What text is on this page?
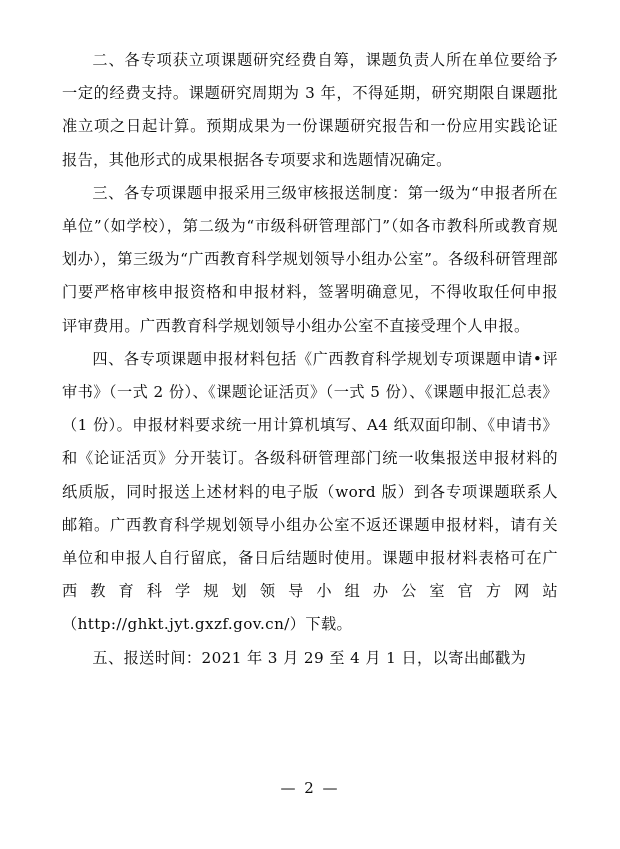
二、各专项获立项课题研究经费自筹，课题负责人所在单位要给予一定的经费支持。课题研究周期为 3 年，不得延期，研究期限自课题批准立项之日起计算。预期成果为一份课题研究报告和一份应用实践论证报告，其他形式的成果根据各专项要求和选题情况确定。

三、各专项课题申报采用三级审核报送制度：第一级为“申报者所在单位”（如学校），第二级为“市级科研管理部门”（如各市教科所或教育规划办），第三级为“广西教育科学规划领导小组办公室”。各级科研管理部门要严格审核申报资格和申报材料，签署明确意见，不得收取任何申报评审费用。广西教育科学规划领导小组办公室不直接受理个人申报。

四、各专项课题申报材料包括《广西教育科学规划专项课题申请•评审书》（一式 2 份）、《课题论证活页》（一式 5 份）、《课题申报汇总表》（1 份）。申报材料要求统一用计算机填写、A4 纸双面印制、《申请书》和《论证活页》分开装订。各级科研管理部门统一收集报送申报材料的纸质版，同时报送上述材料的电子版（word 版）到各专项课题联系人邮箱。广西教育科学规划领导小组办公室不返还课题申报材料，请有关单位和申报人自行留底，备日后结题时使用。课题申报材料表格可在广西教育科学规划领导小组办公室官方网站（http://ghkt.jyt.gxzf.gov.cn/）下载。

五、报送时间：2021 年 3 月 29 至 4 月 1 日，以寄出邮戳为

— 2 —
